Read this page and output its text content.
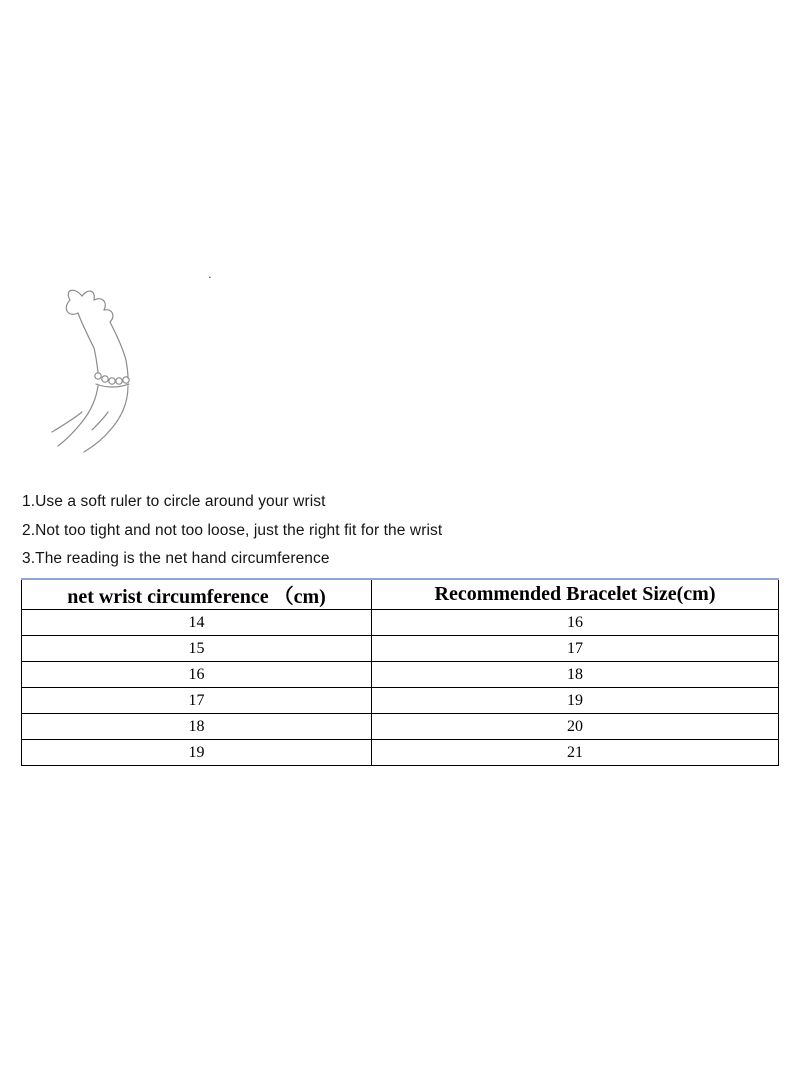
.
1.Use a soft ruler to circle around your wrist
2.Not too tight and not too loose, just the right fit for the wrist
3.The reading is the net hand circumference
net wrist circumference （cm)	Recommended Bracelet Size(cm)
14	16
15	17
16	18
17	19
18	20
19	21
